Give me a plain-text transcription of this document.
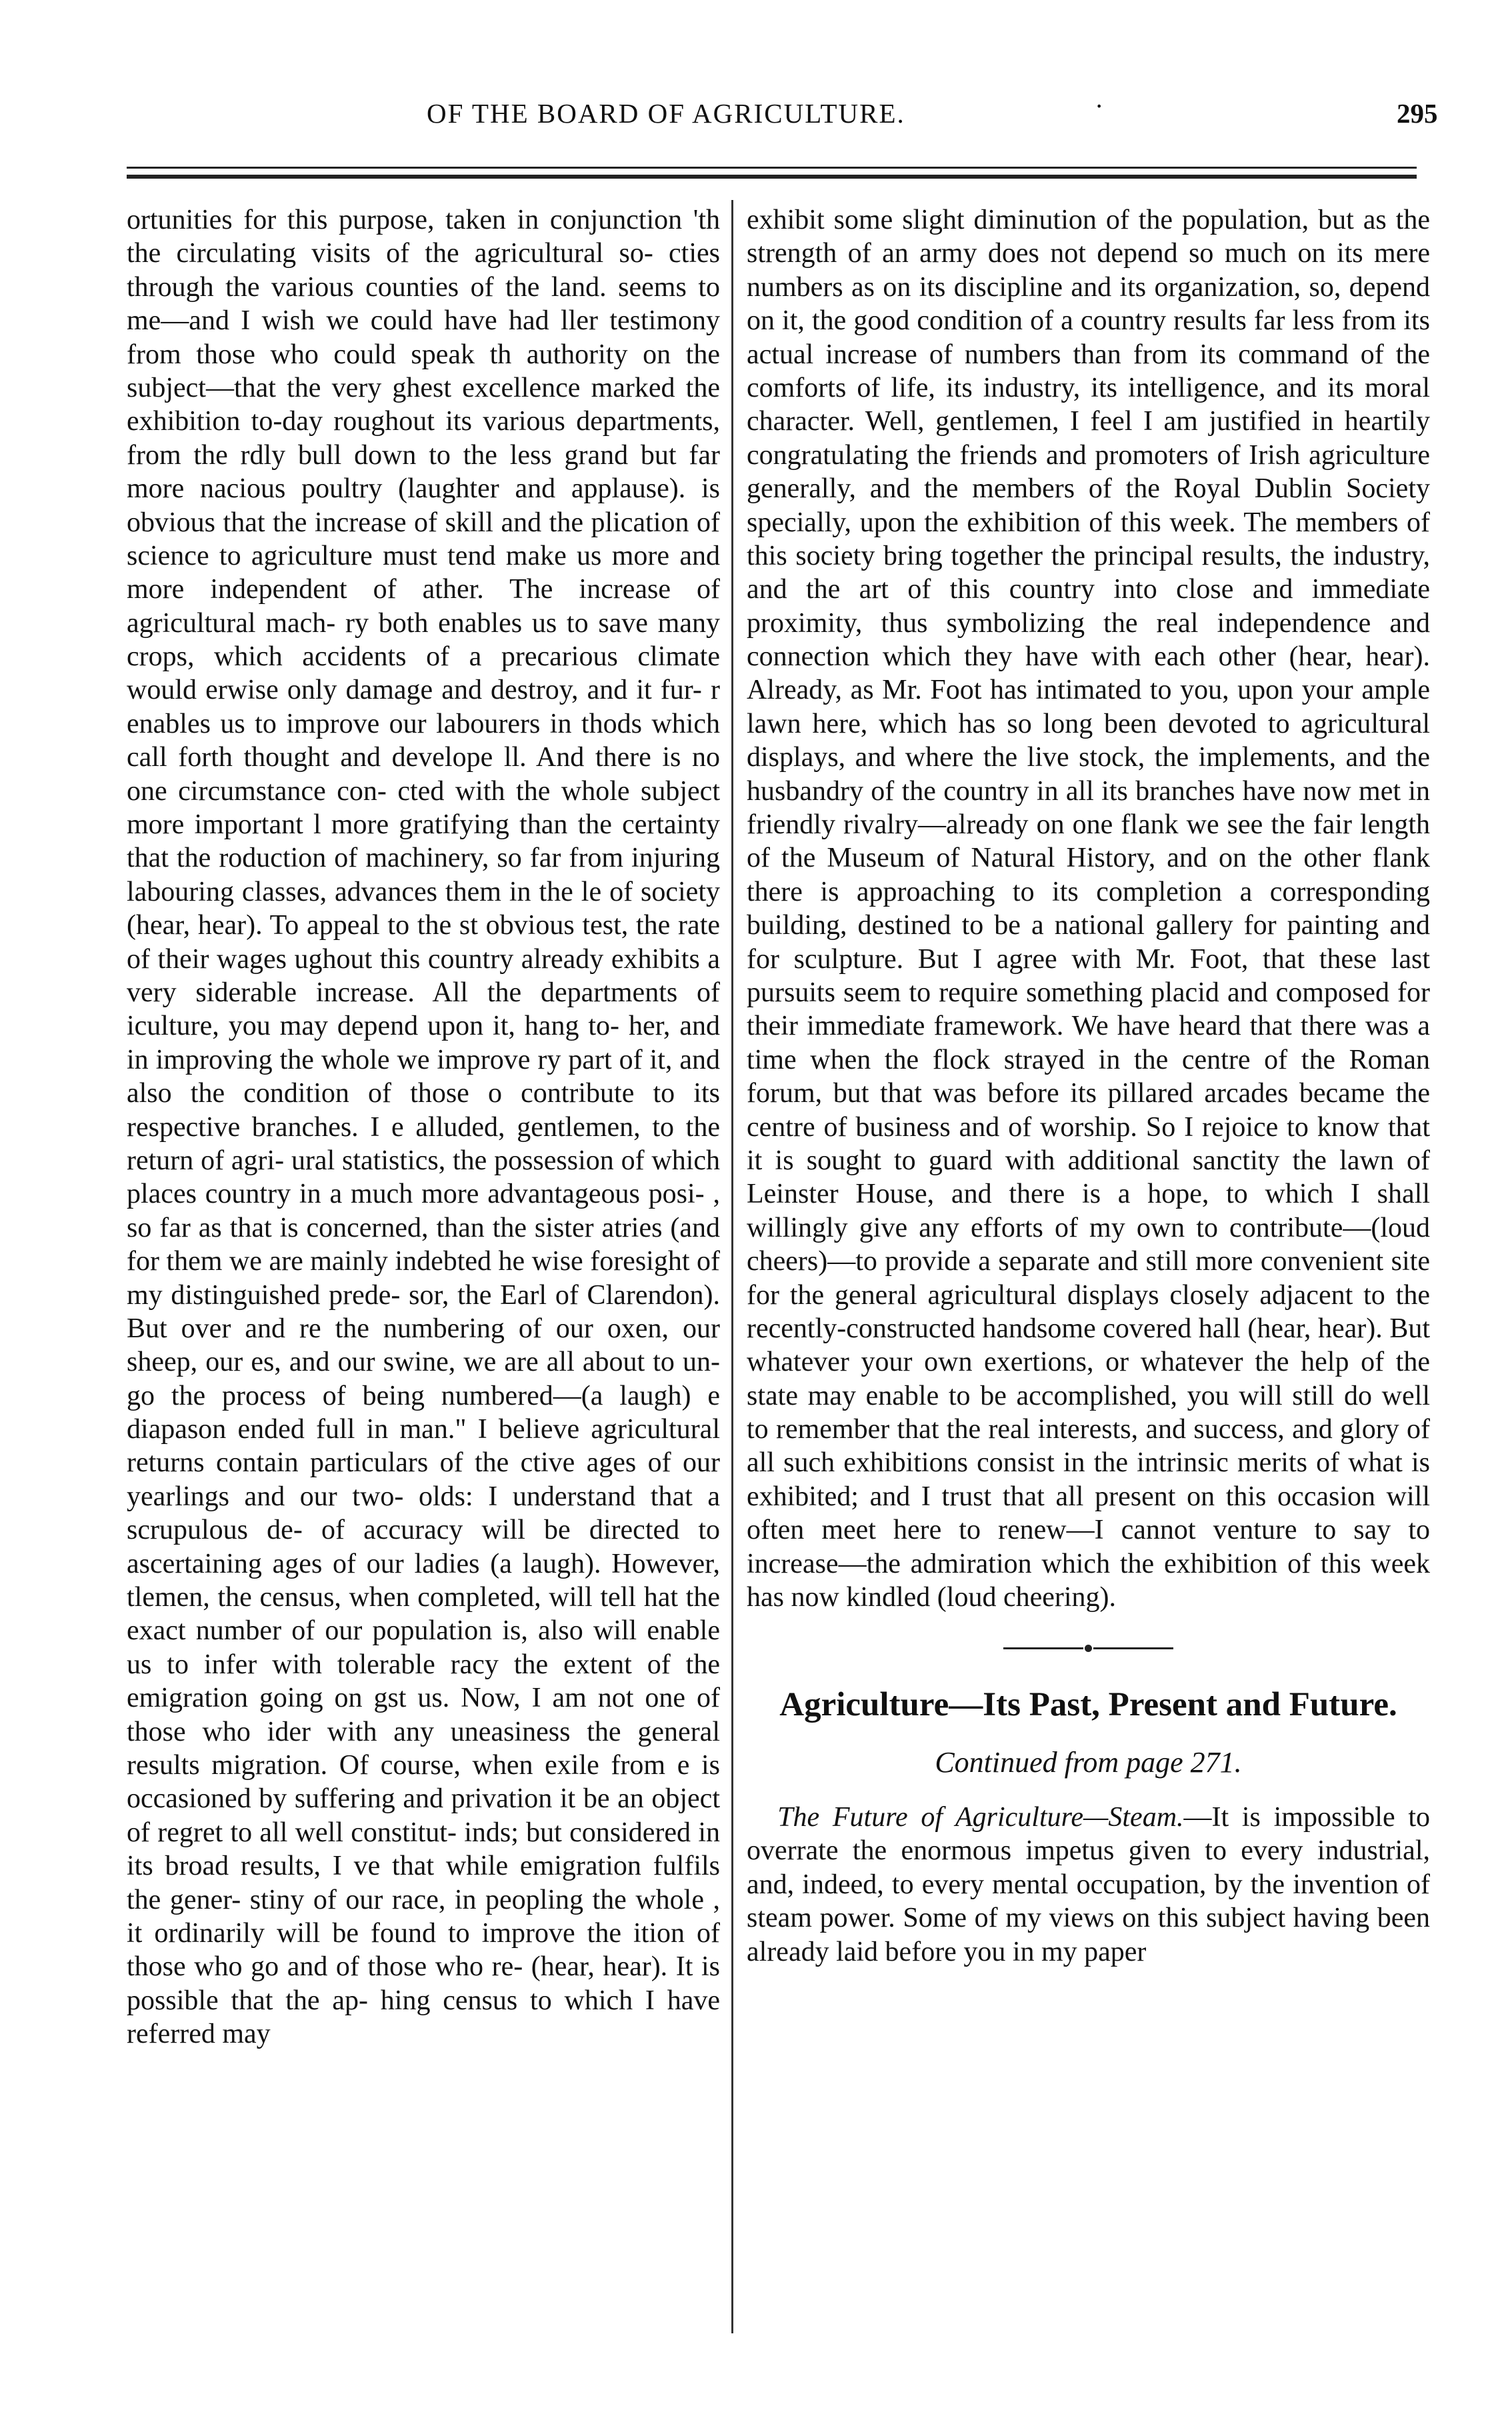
OF THE BOARD OF AGRICULTURE.	·	295

ortunities for this purpose, taken in conjunction 'th the circulating visits of the agricultural so- cties through the various counties of the land. seems to me—and I wish we could have had ller testimony from those who could speak th authority on the subject—that the very ghest excellence marked the exhibition to-day roughout its various departments, from the rdly bull down to the less grand but far more nacious poultry (laughter and applause). is obvious that the increase of skill and the plication of science to agriculture must tend make us more and more independent of ather. The increase of agricultural mach- ry both enables us to save many crops, which accidents of a precarious climate would erwise only damage and destroy, and it fur- r enables us to improve our labourers in thods which call forth thought and develope ll. And there is no one circumstance con- cted with the whole subject more important l more gratifying than the certainty that the roduction of machinery, so far from injuring labouring classes, advances them in the le of society (hear, hear). To appeal to the st obvious test, the rate of their wages ughout this country already exhibits a very siderable increase. All the departments of iculture, you may depend upon it, hang to- her, and in improving the whole we improve ry part of it, and also the condition of those o contribute to its respective branches. I e alluded, gentlemen, to the return of agri- ural statistics, the possession of which places country in a much more advantageous posi- , so far as that is concerned, than the sister atries (and for them we are mainly indebted he wise foresight of my distinguished prede- sor, the Earl of Clarendon). But over and re the numbering of our oxen, our sheep, our es, and our swine, we are all about to un- go the process of being numbered—(a laugh) e diapason ended full in man." I believe agricultural returns contain particulars of the ctive ages of our yearlings and our two- olds: I understand that a scrupulous de- of accuracy will be directed to ascertaining ages of our ladies (a laugh). However, tlemen, the census, when completed, will tell hat the exact number of our population is, also will enable us to infer with tolerable racy the extent of the emigration going on gst us. Now, I am not one of those who ider with any uneasiness the general results migration. Of course, when exile from e is occasioned by suffering and privation it be an object of regret to all well constitut- inds; but considered in its broad results, I ve that while emigration fulfils the gener- stiny of our race, in peopling the whole , it ordinarily will be found to improve the ition of those who go and of those who re- (hear, hear). It is possible that the ap- hing census to which I have referred may

exhibit some slight diminution of the population, but as the strength of an army does not depend so much on its mere numbers as on its discipline and its organization, so, depend on it, the good condition of a country results far less from its actual increase of numbers than from its command of the comforts of life, its industry, its intelligence, and its moral character. Well, gentlemen, I feel I am justified in heartily congratulating the friends and promoters of Irish agriculture generally, and the members of the Royal Dublin Society specially, upon the exhibition of this week. The members of this society bring together the principal results, the industry, and the art of this country into close and immediate proximity, thus symbolizing the real independence and connection which they have with each other (hear, hear). Already, as Mr. Foot has intimated to you, upon your ample lawn here, which has so long been devoted to agricultural displays, and where the live stock, the implements, and the husbandry of the country in all its branches have now met in friendly rivalry—already on one flank we see the fair length of the Museum of Natural History, and on the other flank there is approaching to its completion a corresponding building, destined to be a national gallery for painting and for sculpture. But I agree with Mr. Foot, that these last pursuits seem to require something placid and composed for their immediate framework. We have heard that there was a time when the flock strayed in the centre of the Roman forum, but that was before its pillared arcades became the centre of business and of worship. So I rejoice to know that it is sought to guard with additional sanctity the lawn of Leinster House, and there is a hope, to which I shall willingly give any efforts of my own to contribute—(loud cheers)—to provide a separate and still more convenient site for the general agricultural displays closely adjacent to the recently-constructed handsome covered hall (hear, hear). But whatever your own exertions, or whatever the help of the state may enable to be accomplished, you will still do well to remember that the real interests, and success, and glory of all such exhibitions consist in the intrinsic merits of what is exhibited; and I trust that all present on this occasion will often meet here to renew—I cannot venture to say to increase—the admiration which the exhibition of this week has now kindled (loud cheering).

Agriculture—Its Past, Present and Future.
Continued from page 271.

The Future of Agriculture—Steam.—It is impossible to overrate the enormous impetus given to every industrial, and, indeed, to every mental occupation, by the invention of steam power. Some of my views on this subject having been already laid before you in my paper
